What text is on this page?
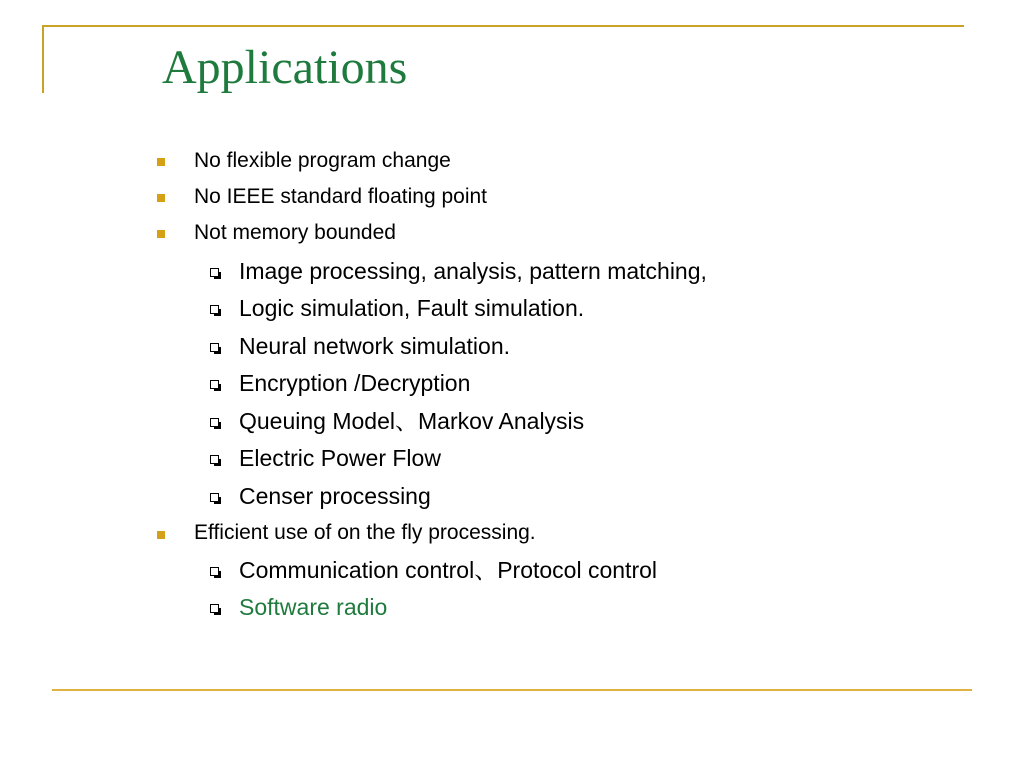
Applications
No flexible program change
No IEEE standard floating point
Not memory bounded
Image processing, analysis, pattern matching,
Logic simulation, Fault simulation.
Neural network simulation.
Encryption /Decryption
Queuing Model、Markov Analysis
Electric Power Flow
Censer processing
Efficient use of on the fly processing.
Communication control、Protocol control
Software radio
